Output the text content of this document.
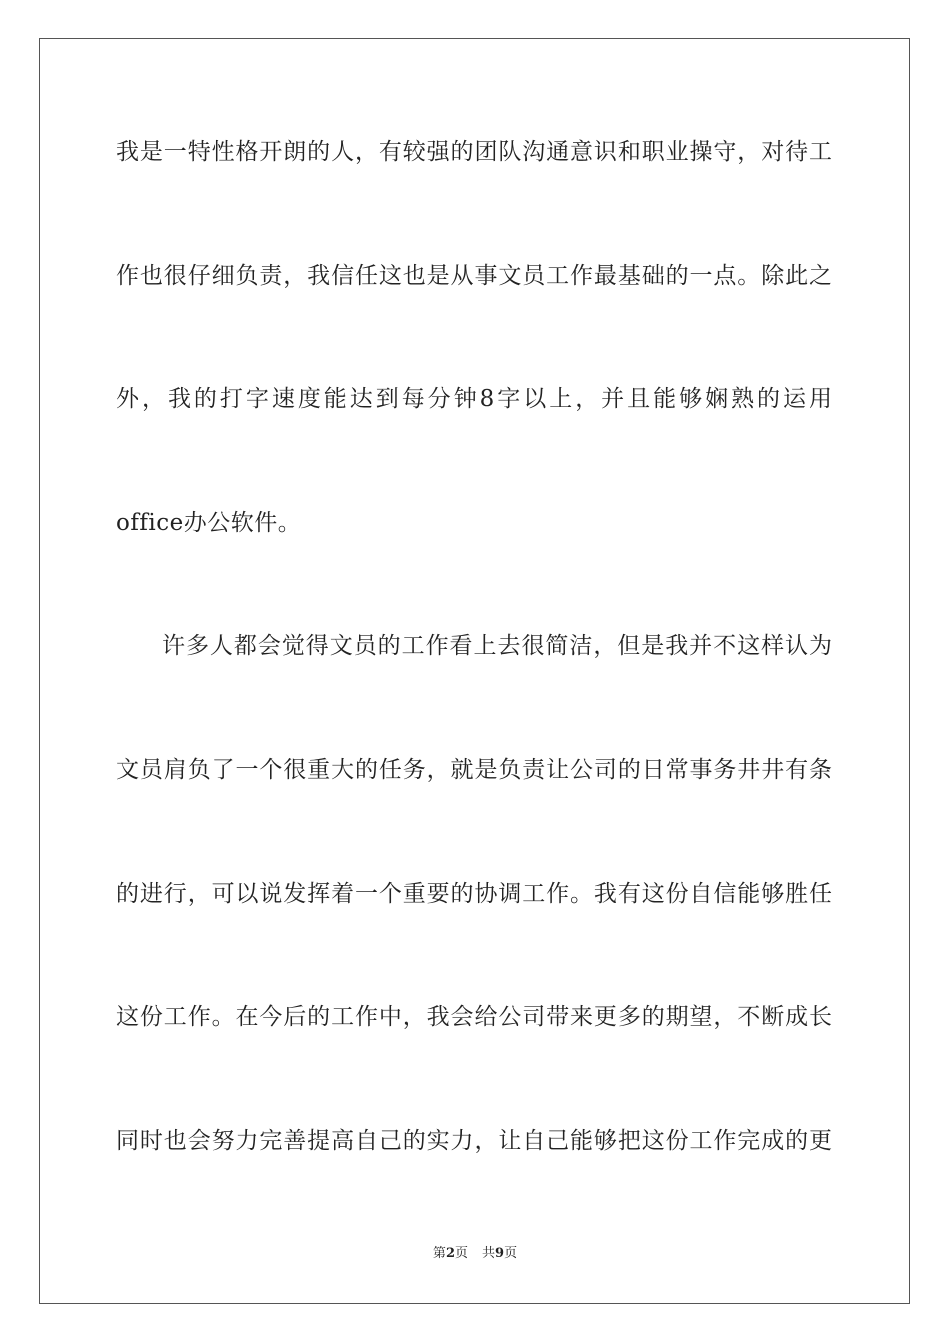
我是一特性格开朗的人，有较强的团队沟通意识和职业操守，对待工
作也很仔细负责，我信任这也是从事文员工作最基础的一点。除此之
外，我的打字速度能达到每分钟8字以上，并且能够娴熟的运用
office办公软件。
许多人都会觉得文员的工作看上去很简洁，但是我并不这样认为
文员肩负了一个很重大的任务，就是负责让公司的日常事务井井有条
的进行，可以说发挥着一个重要的协调工作。我有这份自信能够胜任
这份工作。在今后的工作中，我会给公司带来更多的期望，不断成长
同时也会努力完善提高自己的实力，让自己能够把这份工作完成的更
第2页 共9页
